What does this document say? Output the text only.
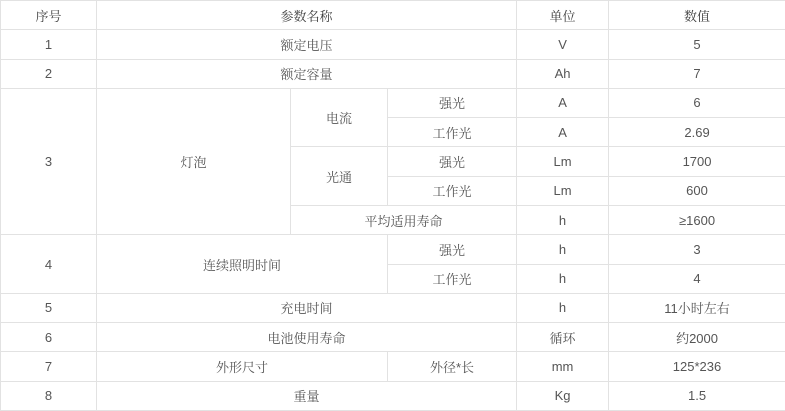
序号	参数名称			单位	数值
1	额定电压			V	5
2	额定容量			Ah	7
3	灯泡	电流	强光	A	6
			工作光	A	2.69
		光通	强光	Lm	1700
			工作光	Lm	600
		平均适用寿命		h	≥1600
4	连续照明时间		强光	h	3
			工作光	h	4
5	充电时间			h	11小时左右
6	电池使用寿命			循环	约2000
7	外形尺寸		外径*长	mm	125*236
8	重量			Kg	1.5
